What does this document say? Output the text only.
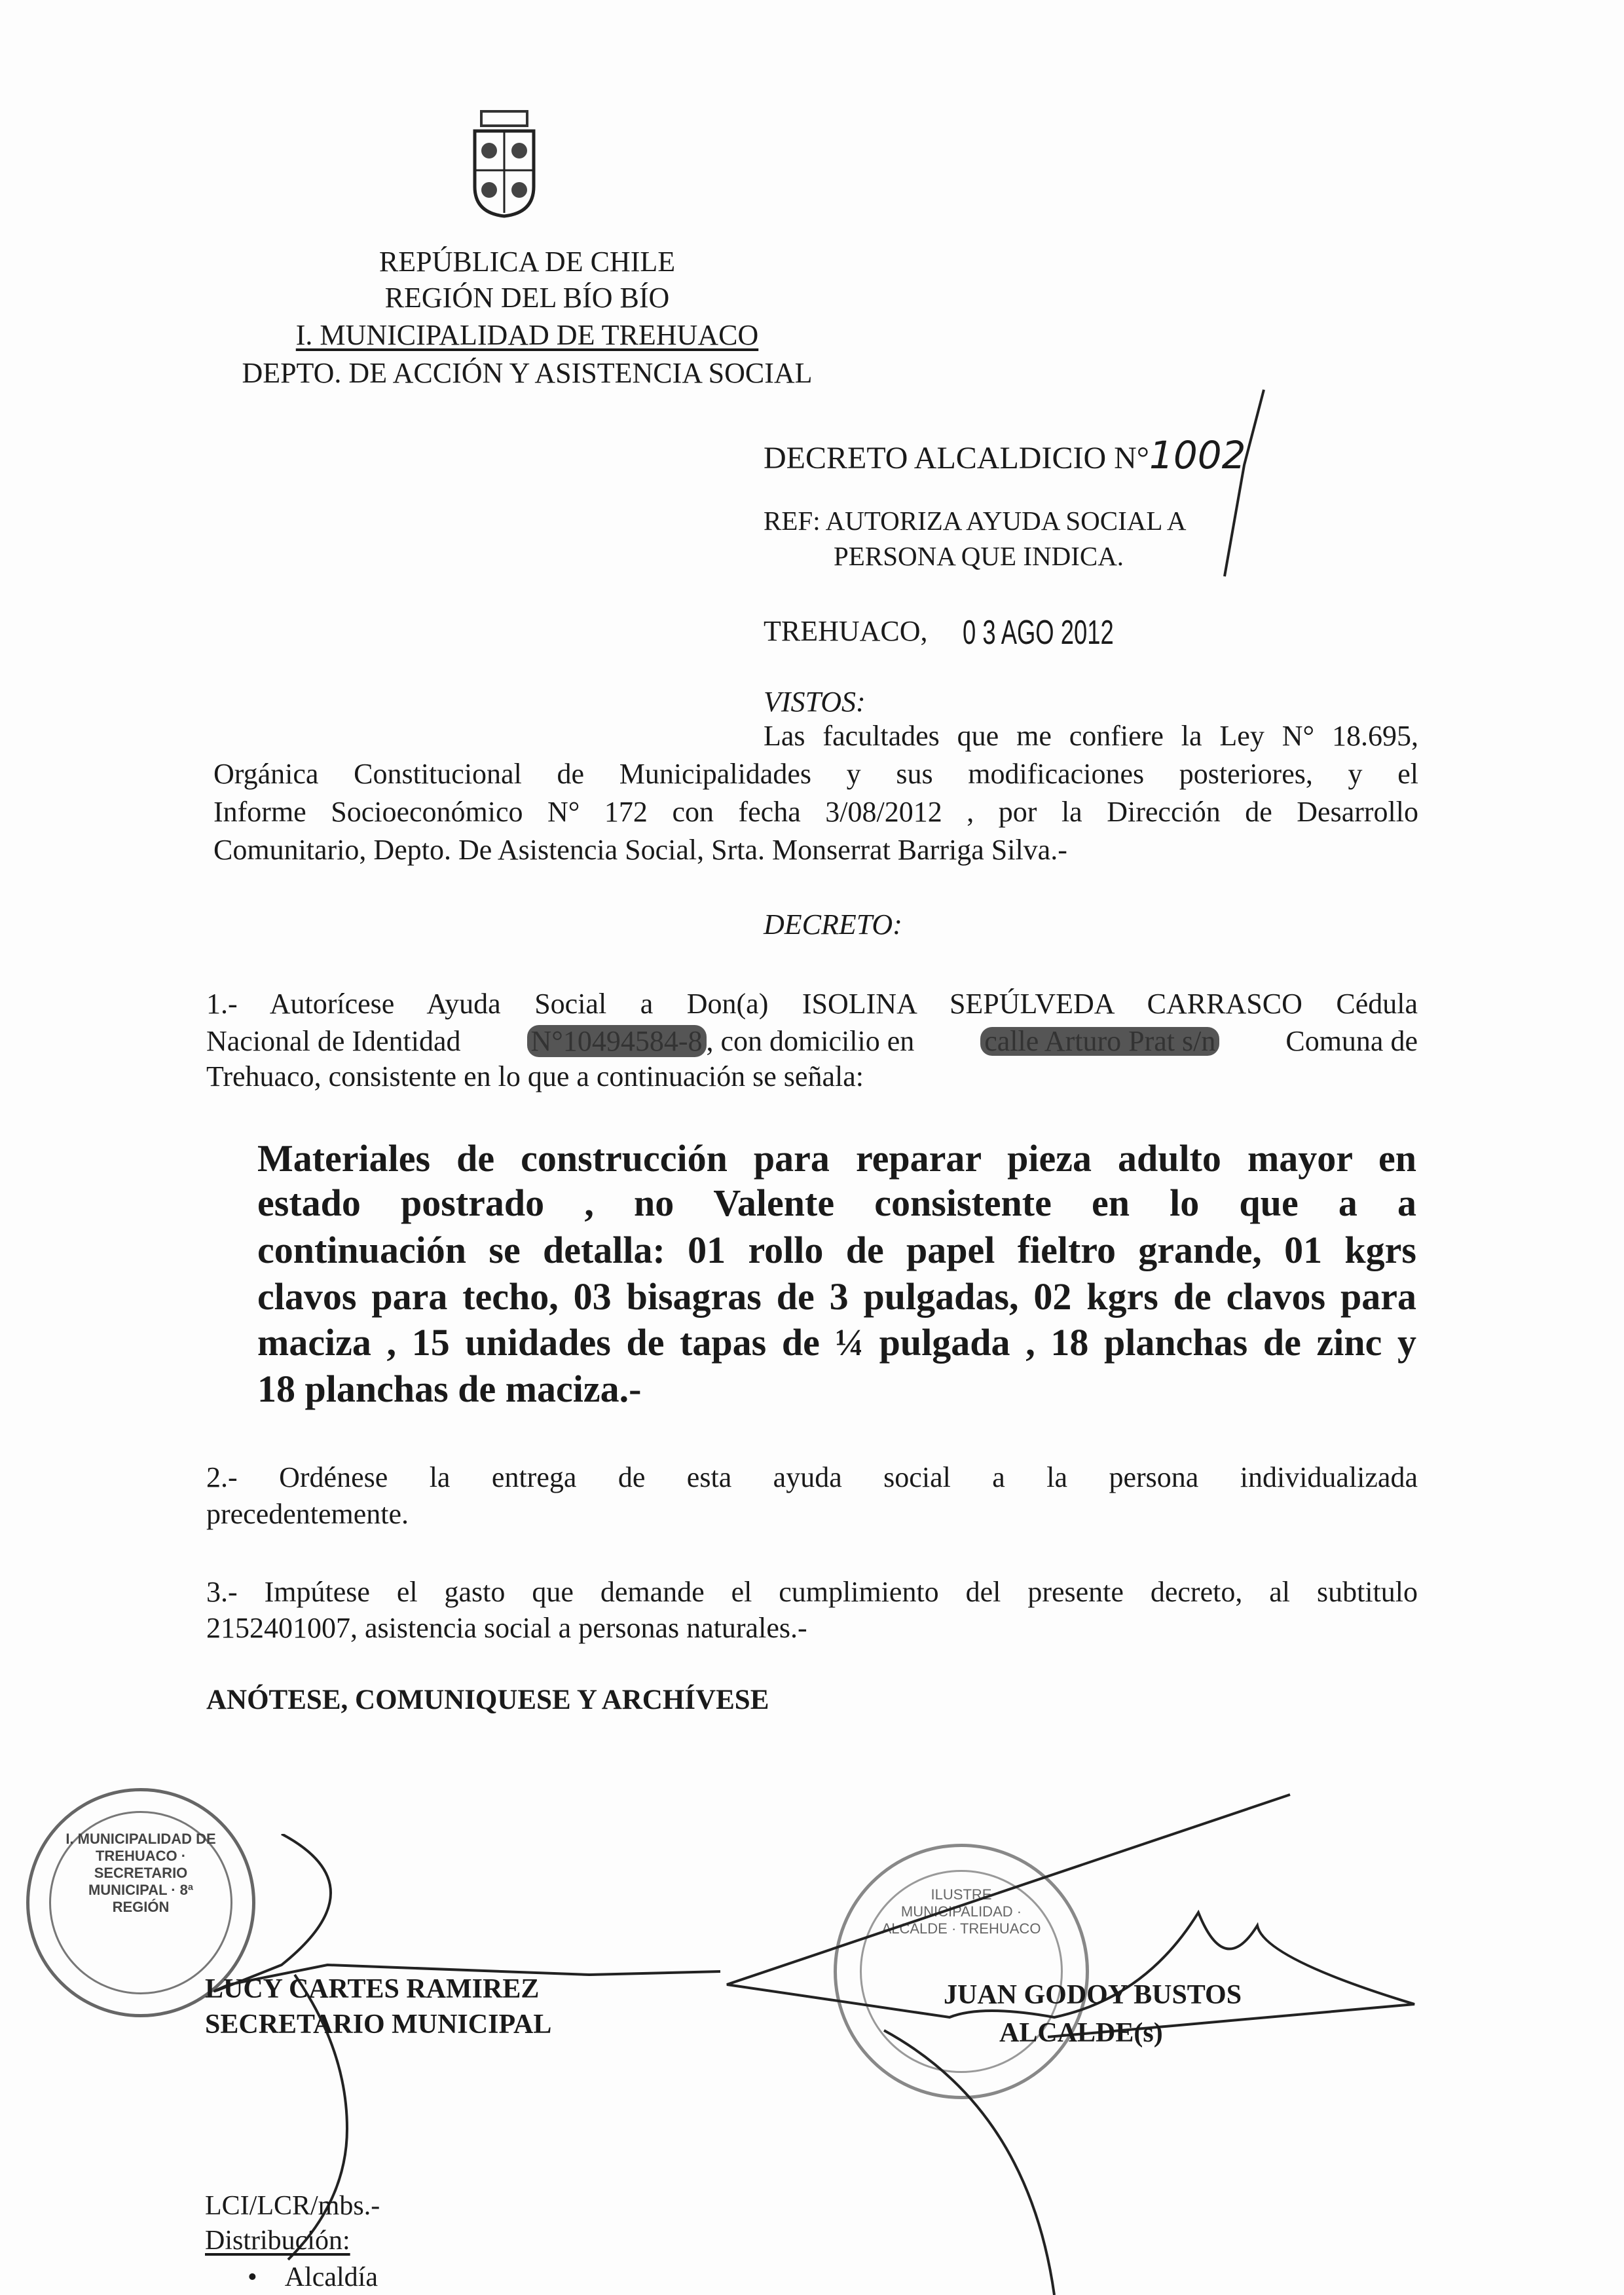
REPÚBLICA DE CHILE
REGIÓN DEL BÍO BÍO
I. MUNICIPALIDAD DE TREHUACO
DEPTO. DE ACCIÓN Y ASISTENCIA SOCIAL
DECRETO ALCALDICIO N°1002
REF: AUTORIZA AYUDA SOCIAL A
PERSONA QUE INDICA.
TREHUACO, 0 3 AGO 2012
VISTOS:
Las facultades que me confiere la Ley N° 18.695,
Orgánica Constitucional de Municipalidades y sus modificaciones posteriores, y el
Informe Socioeconómico N° 172 con fecha 3/08/2012 , por la Dirección de Desarrollo
Comunitario, Depto. De Asistencia Social, Srta. Monserrat Barriga Silva.-
DECRETO:
1.- Autorícese Ayuda Social a Don(a) ISOLINA SEPÚLVEDA CARRASCO Cédula
Nacional de Identidad N°10494584-8 , con domicilio en calle Arturo Prat s/n Comuna de
Trehuaco, consistente en lo que a continuación se señala:
Materiales de construcción para reparar pieza adulto mayor en
estado postrado , no Valente consistente en lo que a a
continuación se detalla: 01 rollo de papel fieltro grande, 01 kgrs
clavos para techo, 03 bisagras de 3 pulgadas, 02 kgrs de clavos para
maciza , 15 unidades de tapas de ¼ pulgada , 18 planchas de zinc y
18 planchas de maciza.-
2.- Ordénese la entrega de esta ayuda social a la persona individualizada
precedentemente.
3.- Impútese el gasto que demande el cumplimiento del presente decreto, al subtitulo
2152401007, asistencia social a personas naturales.-
ANÓTESE, COMUNIQUESE Y ARCHÍVESE
I. MUNICIPALIDAD DE TREHUACO · SECRETARIO MUNICIPAL · 8ª REGIÓN
ILUSTRE MUNICIPALIDAD · ALCALDE · TREHUACO
LUCY CARTES RAMIREZ
SECRETARIO MUNICIPAL
JUAN GODOY BUSTOS
ALCALDE(s)
LCI/LCR/mbs.-
Distribución:
•    Alcaldía
